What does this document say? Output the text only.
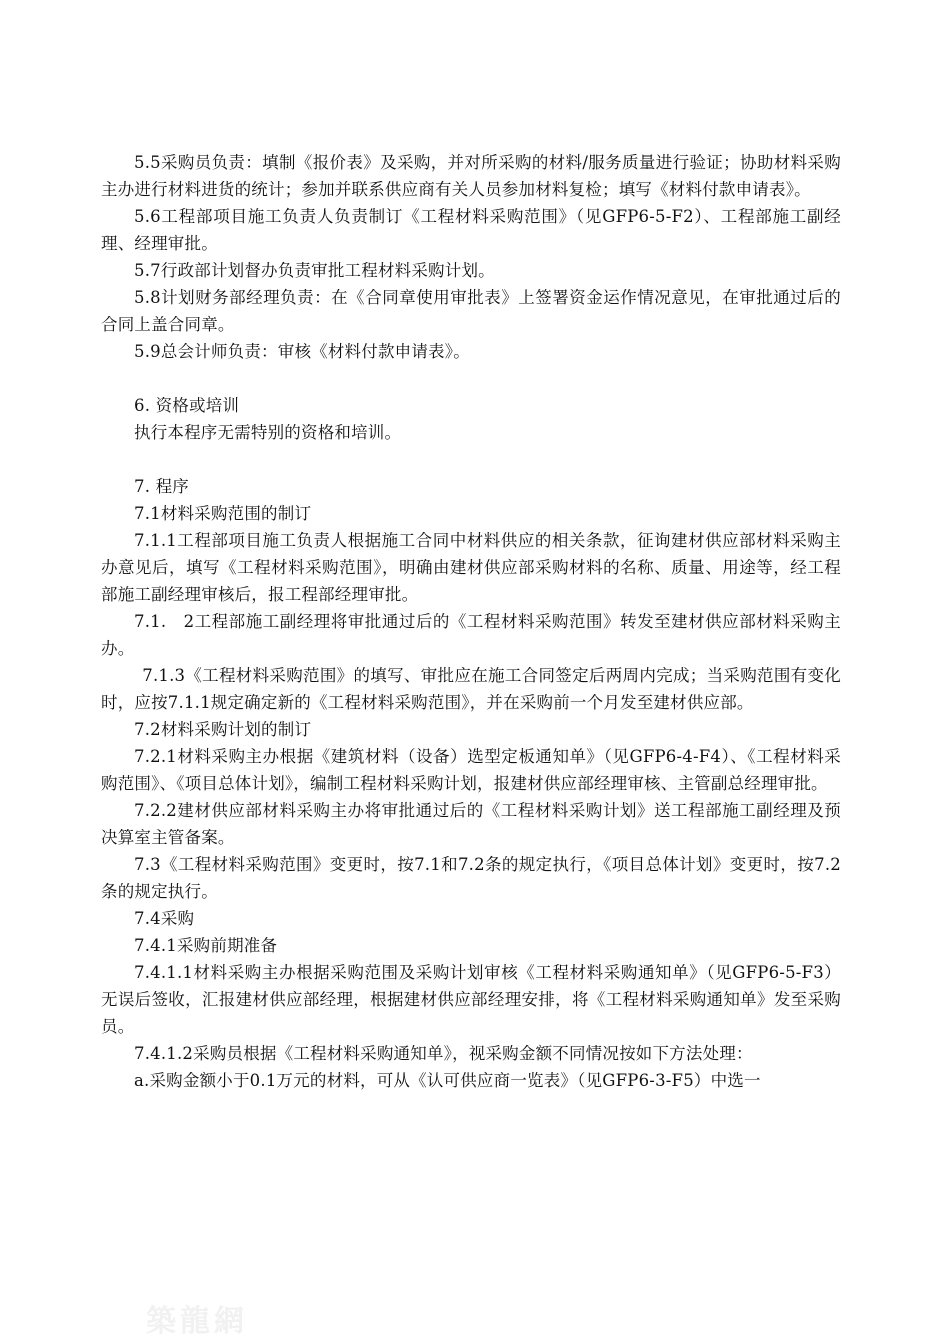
5.5采购员负责：填制《报价表》及采购，并对所采购的材料/服务质量进行验证；协助材料采购主办进行材料进货的统计；参加并联系供应商有关人员参加材料复检；填写《材料付款申请表》。

5.6工程部项目施工负责人负责制订《工程材料采购范围》（见GFP6-5-F2）、工程部施工副经理、经理审批。

5.7行政部计划督办负责审批工程材料采购计划。

5.8计划财务部经理负责：在《合同章使用审批表》上签署资金运作情况意见，在审批通过后的合同上盖合同章。

5.9总会计师负责：审核《材料付款申请表》。

6. 资格或培训

执行本程序无需特别的资格和培训。

7. 程序

7.1材料采购范围的制订

7.1.1工程部项目施工负责人根据施工合同中材料供应的相关条款，征询建材供应部材料采购主办意见后，填写《工程材料采购范围》，明确由建材供应部采购材料的名称、质量、用途等，经工程部施工副经理审核后，报工程部经理审批。

7.1.　2工程部施工副经理将审批通过后的《工程材料采购范围》转发至建材供应部材料采购主办。

7.1.3《工程材料采购范围》的填写、审批应在施工合同签定后两周内完成；当采购范围有变化时，应按7.1.1规定确定新的《工程材料采购范围》，并在采购前一个月发至建材供应部。

7.2材料采购计划的制订

7.2.1材料采购主办根据《建筑材料（设备）选型定板通知单》（见GFP6-4-F4）、《工程材料采购范围》、《项目总体计划》，编制工程材料采购计划，报建材供应部经理审核、主管副总经理审批。

7.2.2建材供应部材料采购主办将审批通过后的《工程材料采购计划》送工程部施工副经理及预决算室主管备案。

7.3《工程材料采购范围》变更时，按7.1和7.2条的规定执行，《项目总体计划》变更时，按7.2条的规定执行。

7.4采购

7.4.1采购前期准备

7.4.1.1材料采购主办根据采购范围及采购计划审核《工程材料采购通知单》（见GFP6-5-F3）无误后签收，汇报建材供应部经理，根据建材供应部经理安排，将《工程材料采购通知单》发至采购员。

7.4.1.2采购员根据《工程材料采购通知单》，视采购金额不同情况按如下方法处理：

a.采购金额小于0.1万元的材料，可从《认可供应商一览表》（见GFP6-3-F5）中选一

築龍網
